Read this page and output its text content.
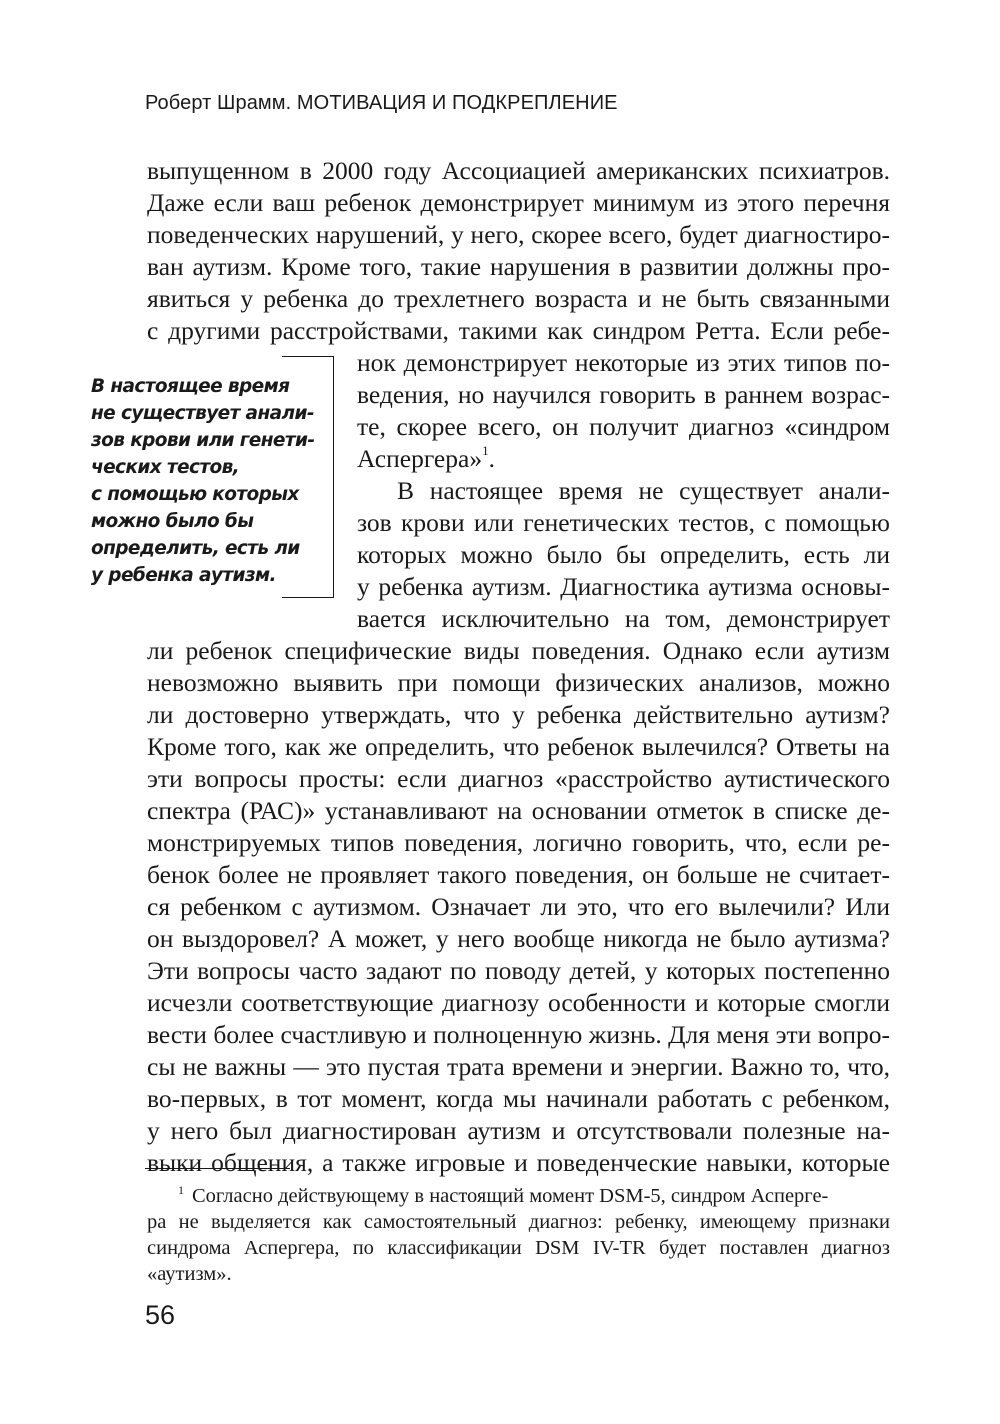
Роберт Шрамм. МОТИВАЦИЯ И ПОДКРЕПЛЕНИЕ
выпущенном в 2000 году Ассоциацией американских психиатров.
Даже если ваш ребенок демонстрирует минимум из этого перечня
поведенческих нарушений, у него, скорее всего, будет диагностиро-
ван аутизм. Кроме того, такие нарушения в развитии должны про-
явиться у ребенка до трехлетнего возраста и не быть связанными
с другими расстройствами, такими как синдром Ретта. Если ребе-
нок демонстрирует некоторые из этих типов по-
ведения, но научился говорить в раннем возрас-
те, скорее всего, он получит диагноз «синдром
Аспергера»$^1$.
В настоящее время не существует анали-
зов крови или генетических тестов, с помощью
которых можно было бы определить, есть ли
у ребенка аутизм. Диагностика аутизма основы-
вается исключительно на том, демонстрирует
ли ребенок специфические виды поведения. Однако если аутизм
невозможно выявить при помощи физических анализов, можно
ли достоверно утверждать, что у ребенка действительно аутизм?
Кроме того, как же определить, что ребенок вылечился? Ответы на
эти вопросы просты: если диагноз «расстройство аутистического
спектра (РАС)» устанавливают на основании отметок в списке де-
монстрируемых типов поведения, логично говорить, что, если ре-
бенок более не проявляет такого поведения, он больше не считает-
ся ребенком с аутизмом. Означает ли это, что его вылечили? Или
он выздоровел? А может, у него вообще никогда не было аутизма?
Эти вопросы часто задают по поводу детей, у которых постепенно
исчезли соответствующие диагнозу особенности и которые смогли
вести более счастливую и полноценную жизнь. Для меня эти вопро-
сы не важны — это пустая трата времени и энергии. Важно то, что,
во-первых, в тот момент, когда мы начинали работать с ребенком,
у него был диагностирован аутизм и отсутствовали полезные на-
выки общения, а также игровые и поведенческие навыки, которые
В настоящее время
не существует анали-
зов крови или генети-
ческих тестов,
с помощью которых
можно было бы
определить, есть ли
у ребенка аутизм.
$^1$ Согласно действующему в настоящий момент DSM-5, синдром Асперге-
ра не выделяется как самостоятельный диагноз: ребенку, имеющему признаки
синдрома Аспергера, по классификации DSM IV-TR будет поставлен диагноз
«аутизм».
56
